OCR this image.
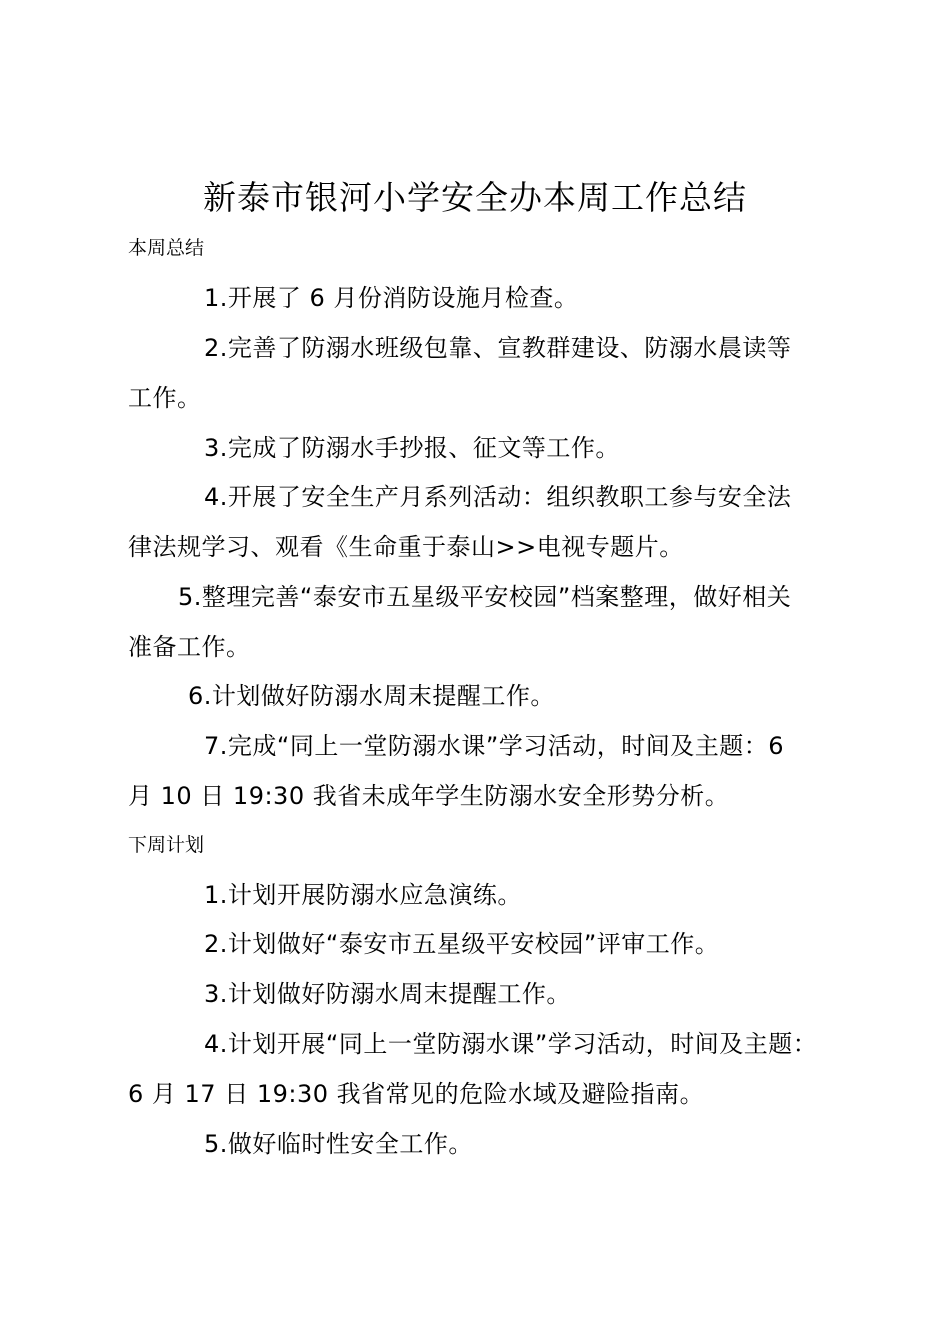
新泰市银河小学安全办本周工作总结
本周总结
1.开展了 6 月份消防设施月检查。
2.完善了防溺水班级包靠、宣教群建设、防溺水晨读等
工作。
3.完成了防溺水手抄报、征文等工作。
4.开展了安全生产月系列活动：组织教职工参与安全法
律法规学习、观看《生命重于泰山>>电视专题片。
5.整理完善“泰安市五星级平安校园”档案整理，做好相关
准备工作。
6.计划做好防溺水周末提醒工作。
7.完成“同上一堂防溺水课”学习活动，时间及主题：6
月 10 日 19:30 我省未成年学生防溺水安全形势分析。
下周计划
1.计划开展防溺水应急演练。
2.计划做好“泰安市五星级平安校园”评审工作。
3.计划做好防溺水周末提醒工作。
4.计划开展“同上一堂防溺水课”学习活动，时间及主题：
6 月 17 日 19:30 我省常见的危险水域及避险指南。
5.做好临时性安全工作。
